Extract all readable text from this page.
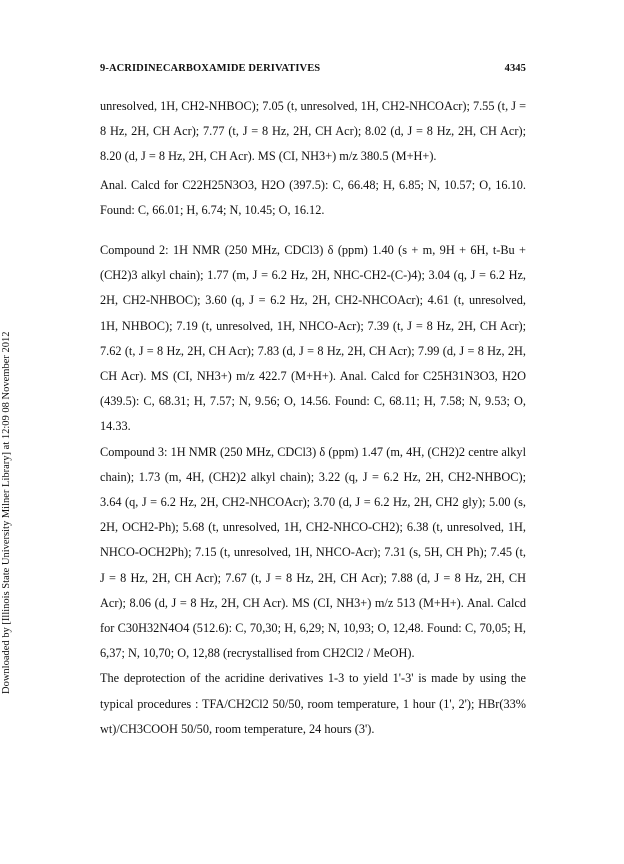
9-ACRIDINECARBOXAMIDE DERIVATIVES	4345
Downloaded by [Illinois State University Milner Library] at 12:09 08 November 2012

unresolved, 1H, CH2-NHBOC); 7.05 (t, unresolved, 1H, CH2-NHCOAcr); 7.55 (t, J = 8 Hz, 2H, CH Acr); 7.77 (t, J = 8 Hz, 2H, CH Acr); 8.02 (d, J = 8 Hz, 2H, CH Acr); 8.20 (d, J = 8 Hz, 2H, CH Acr). MS (CI, NH3+) m/z 380.5 (M+H+).

Anal. Calcd for C22H25N3O3, H2O (397.5): C, 66.48; H, 6.85; N, 10.57; O, 16.10. Found: C, 66.01; H, 6.74; N, 10.45; O, 16.12.

Compound 2: 1H NMR (250 MHz, CDCl3) δ (ppm) 1.40 (s + m, 9H + 6H, t-Bu + (CH2)3 alkyl chain); 1.77 (m, J = 6.2 Hz, 2H, NHC-CH2-(C-)4); 3.04 (q, J = 6.2 Hz, 2H, CH2-NHBOC); 3.60 (q, J = 6.2 Hz, 2H, CH2-NHCOAcr); 4.61 (t, unresolved, 1H, NHBOC); 7.19 (t, unresolved, 1H, NHCO-Acr); 7.39 (t, J = 8 Hz, 2H, CH Acr); 7.62 (t, J = 8 Hz, 2H, CH Acr); 7.83 (d, J = 8 Hz, 2H, CH Acr); 7.99 (d, J = 8 Hz, 2H, CH Acr). MS (CI, NH3+) m/z 422.7 (M+H+). Anal. Calcd for C25H31N3O3, H2O (439.5): C, 68.31; H, 7.57; N, 9.56; O, 14.56. Found: C, 68.11; H, 7.58; N, 9.53; O, 14.33.

Compound 3: 1H NMR (250 MHz, CDCl3) δ (ppm) 1.47 (m, 4H, (CH2)2 centre alkyl chain); 1.73 (m, 4H, (CH2)2 alkyl chain); 3.22 (q, J = 6.2 Hz, 2H, CH2-NHBOC); 3.64 (q, J = 6.2 Hz, 2H, CH2-NHCOAcr); 3.70 (d, J = 6.2 Hz, 2H, CH2 gly); 5.00 (s, 2H, OCH2-Ph); 5.68 (t, unresolved, 1H, CH2-NHCO-CH2); 6.38 (t, unresolved, 1H, NHCO-OCH2Ph); 7.15 (t, unresolved, 1H, NHCO-Acr); 7.31 (s, 5H, CH Ph); 7.45 (t, J = 8 Hz, 2H, CH Acr); 7.67 (t, J = 8 Hz, 2H, CH Acr); 7.88 (d, J = 8 Hz, 2H, CH Acr); 8.06 (d, J = 8 Hz, 2H, CH Acr). MS (CI, NH3+) m/z 513 (M+H+). Anal. Calcd for C30H32N4O4 (512.6): C, 70,30; H, 6,29; N, 10,93; O, 12,48. Found: C, 70,05; H, 6,37; N, 10,70; O, 12,88 (recrystallised from CH2Cl2 / MeOH).

The deprotection of the acridine derivatives 1-3 to yield 1'-3' is made by using the typical procedures : TFA/CH2Cl2 50/50, room temperature, 1 hour (1', 2'); HBr(33% wt)/CH3COOH 50/50, room temperature, 24 hours (3').
